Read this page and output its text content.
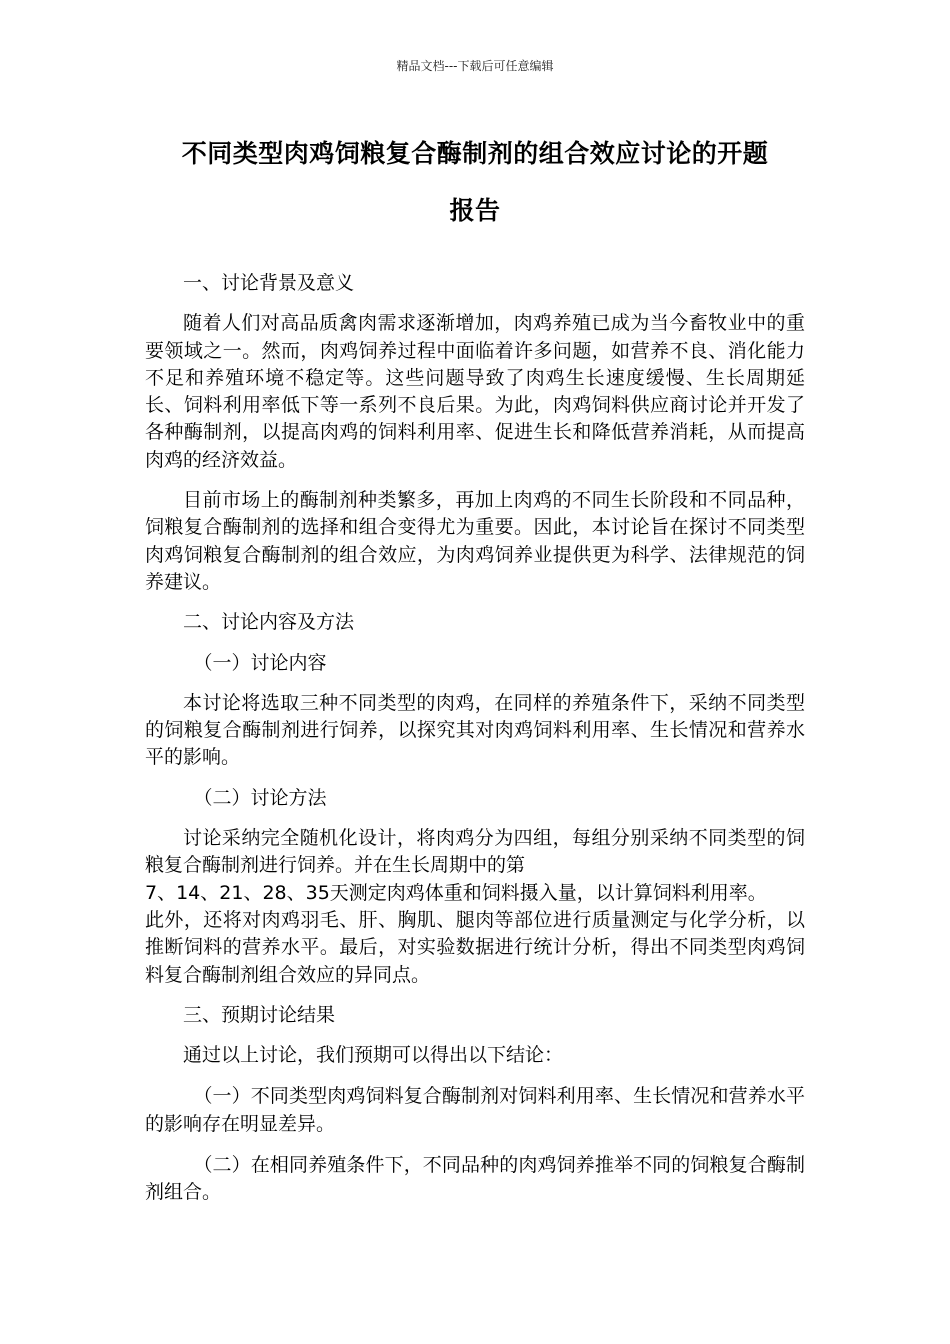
精品文档---下载后可任意编辑
不同类型肉鸡饲粮复合酶制剂的组合效应讨论的开题
报告
一、讨论背景及意义

随着人们对高品质禽肉需求逐渐增加，肉鸡养殖已成为当今畜牧业中的重要领域之一。然而，肉鸡饲养过程中面临着许多问题，如营养不良、消化能力不足和养殖环境不稳定等。这些问题导致了肉鸡生长速度缓慢、生长周期延长、饲料利用率低下等一系列不良后果。为此，肉鸡饲料供应商讨论并开发了各种酶制剂，以提高肉鸡的饲料利用率、促进生长和降低营养消耗，从而提高肉鸡的经济效益。

目前市场上的酶制剂种类繁多，再加上肉鸡的不同生长阶段和不同品种，饲粮复合酶制剂的选择和组合变得尤为重要。因此，本讨论旨在探讨不同类型肉鸡饲粮复合酶制剂的组合效应，为肉鸡饲养业提供更为科学、法律规范的饲养建议。

二、讨论内容及方法
（一）讨论内容

本讨论将选取三种不同类型的肉鸡，在同样的养殖条件下，采纳不同类型的饲粮复合酶制剂进行饲养，以探究其对肉鸡饲料利用率、生长情况和营养水平的影响。

（二）讨论方法

讨论采纳完全随机化设计，将肉鸡分为四组，每组分别采纳不同类型的饲粮复合酶制剂进行饲养。并在生长周期中的第

7、14、21、28、35天测定肉鸡体重和饲料摄入量，以计算饲料利用率。

此外，还将对肉鸡羽毛、肝、胸肌、腿肉等部位进行质量测定与化学分析，以推断饲料的营养水平。最后，对实验数据进行统计分析，得出不同类型肉鸡饲料复合酶制剂组合效应的异同点。

三、预期讨论结果
通过以上讨论，我们预期可以得出以下结论：

（一）不同类型肉鸡饲料复合酶制剂对饲料利用率、生长情况和营养水平的影响存在明显差异。

（二）在相同养殖条件下，不同品种的肉鸡饲养推举不同的饲粮复合酶制剂组合。
